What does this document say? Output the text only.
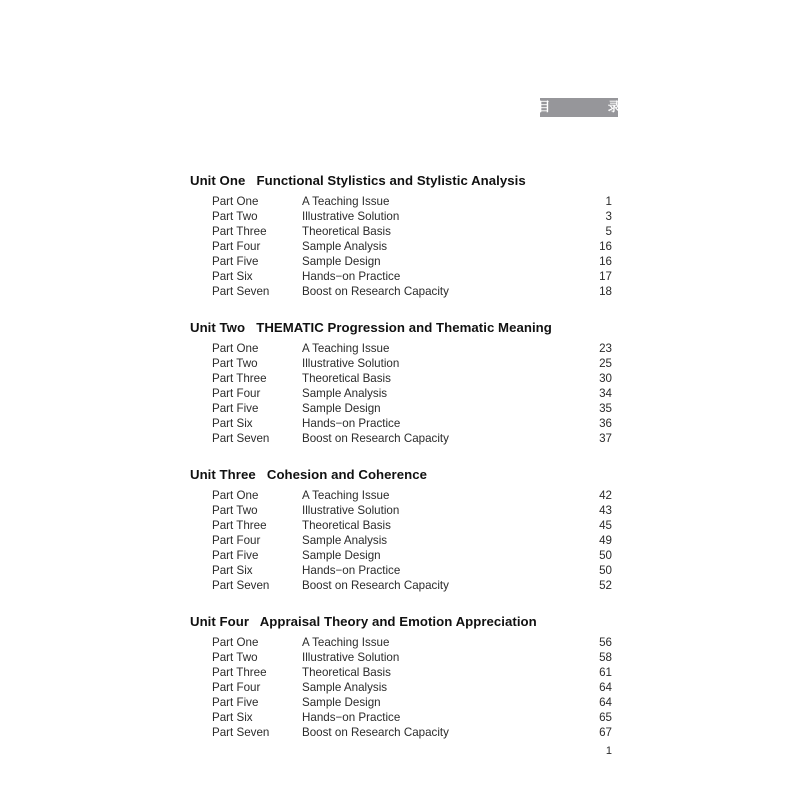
目    录
Unit One Functional Stylistics and Stylistic Analysis
Part One	A Teaching Issue	1
Part Two	Illustrative Solution	3
Part Three	Theoretical Basis	5
Part Four	Sample Analysis	16
Part Five	Sample Design	16
Part Six	Hands−on Practice	17
Part Seven	Boost on Research Capacity	18
Unit Two THEMATIC Progression and Thematic Meaning
Part One	A Teaching Issue	23
Part Two	Illustrative Solution	25
Part Three	Theoretical Basis	30
Part Four	Sample Analysis	34
Part Five	Sample Design	35
Part Six	Hands−on Practice	36
Part Seven	Boost on Research Capacity	37
Unit Three Cohesion and Coherence
Part One	A Teaching Issue	42
Part Two	Illustrative Solution	43
Part Three	Theoretical Basis	45
Part Four	Sample Analysis	49
Part Five	Sample Design	50
Part Six	Hands−on Practice	50
Part Seven	Boost on Research Capacity	52
Unit Four Appraisal Theory and Emotion Appreciation
Part One	A Teaching Issue	56
Part Two	Illustrative Solution	58
Part Three	Theoretical Basis	61
Part Four	Sample Analysis	64
Part Five	Sample Design	64
Part Six	Hands−on Practice	65
Part Seven	Boost on Research Capacity	67
1
